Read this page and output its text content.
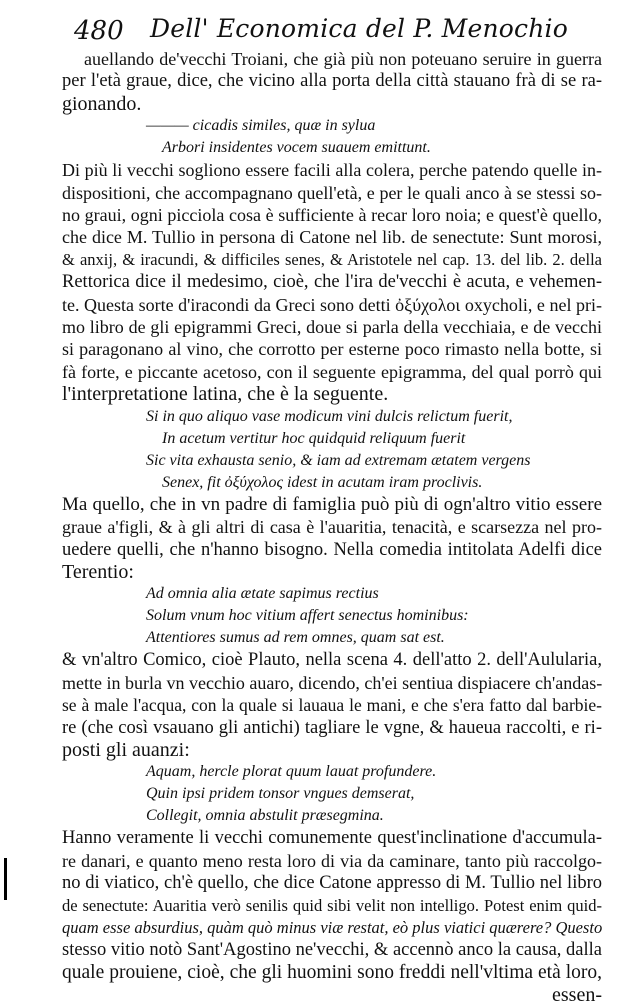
480 Dell' Economica del P. Menochio
auellando de'vecchi Troiani, che già più non poteuano seruire in guerra
per l'età graue, dice, che vicino alla porta della città stauano frà di se ra-
gionando.
——— cicadis similes, quæ in sylua
Arbori insidentes vocem suauem emittunt.
Di più li vecchi sogliono essere facili alla colera, perche patendo quelle in-
dispositioni, che accompagnano quell'età, e per le quali anco à se stessi so-
no graui, ogni picciola cosa è sufficiente à recar loro noia; e quest'è quello,
che dice M. Tullio in persona di Catone nel lib. de senectute: Sunt morosi,
& anxij, & iracundi, & difficiles senes, & Aristotele nel cap. 13. del lib. 2. della
Rettorica dice il medesimo, cioè, che l'ira de'vecchi è acuta, e vehemen-
te. Questa sorte d'iracondi da Greci sono detti ὀξύχολοι oxycholi, e nel pri-
mo libro de gli epigrammi Greci, doue si parla della vecchiaia, e de vecchi
si paragonano al vino, che corrotto per esterne poco rimasto nella botte, si
fà forte, e piccante acetoso, con il seguente epigramma, del qual porrò qui
l'interpretatione latina, che è la seguente.
Si in quo aliquo vase modicum vini dulcis relictum fuerit,
In acetum vertitur hoc quidquid reliquum fuerit
Sic vita exhausta senio, & iam ad extremam ætatem vergens
Senex, fit ὀξύχολος idest in acutam iram proclivis.
Ma quello, che in vn padre di famiglia può più di ogn'altro vitio essere
graue a'figli, & à gli altri di casa è l'auaritia, tenacità, e scarsezza nel pro-
uedere quelli, che n'hanno bisogno. Nella comedia intitolata Adelfi dice
Terentio:
Ad omnia alia ætate sapimus rectius
Solum vnum hoc vitium affert senectus hominibus:
Attentiores sumus ad rem omnes, quam sat est.
& vn'altro Comico, cioè Plauto, nella scena 4. dell'atto 2. dell'Aulularia,
mette in burla vn vecchio auaro, dicendo, ch'ei sentiua dispiacere ch'andas-
se à male l'acqua, con la quale si lauaua le mani, e che s'era fatto dal barbie-
re (che così vsauano gli antichi) tagliare le vgne, & haueua raccolti, e ri-
posti gli auanzi:
Aquam, hercle plorat quum lauat profundere.
Quin ipsi pridem tonsor vngues demserat,
Collegit, omnia abstulit præsegmina.
Hanno veramente li vecchi comunemente quest'inclinatione d'accumula-
re danari, e quanto meno resta loro di via da caminare, tanto più raccolgo-
no di viatico, ch'è quello, che dice Catone appresso di M. Tullio nel libro
de senectute: Auaritia verò senilis quid sibi velit non intelligo. Potest enim quid-
quam esse absurdius, quàm quò minus viæ restat, eò plus viatici quærere? Questo
stesso vitio notò Sant'Agostino ne'vecchi, & accennò anco la causa, dalla
quale prouiene, cioè, che gli huomini sono freddi nell'vltima età loro,
essen-
